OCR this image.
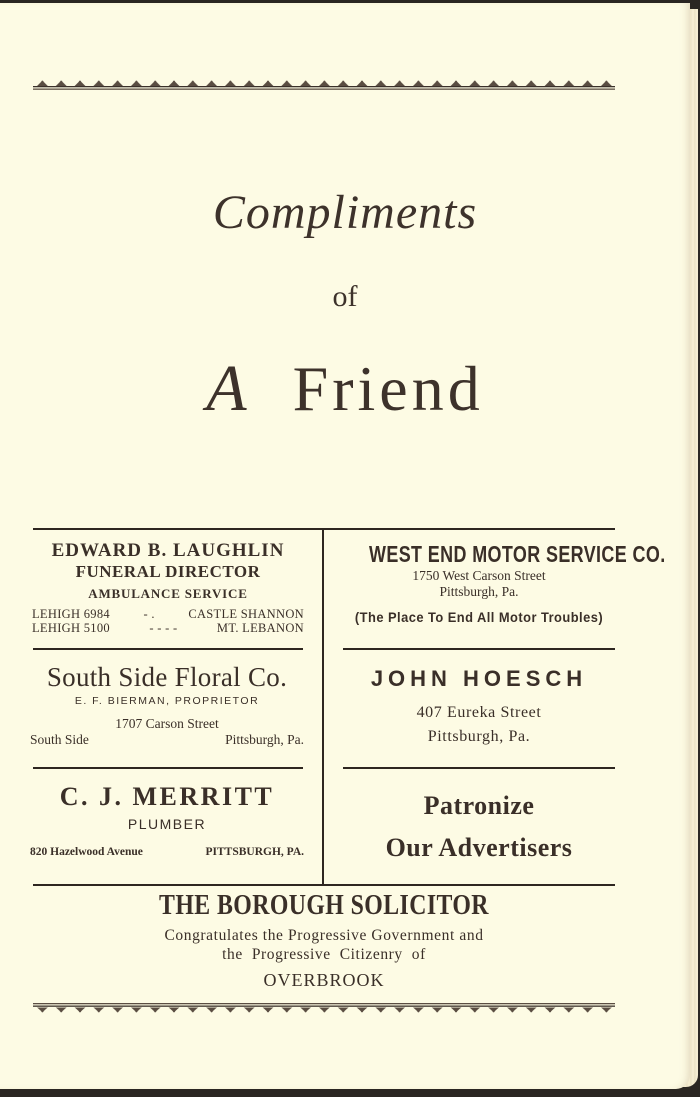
Compliments
of
A Friend
EDWARD B. LAUGHLIN
FUNERAL DIRECTOR
AMBULANCE SERVICE
LEHIGH 6984	- .	CASTLE SHANNON
LEHIGH 5100	- - - -	MT. LEBANON
WEST END MOTOR SERVICE CO.
1750 West Carson Street
Pittsburgh, Pa.
(The Place To End All Motor Troubles)
South Side Floral Co.
E. F. BIERMAN, PROPRIETOR
1707 Carson Street
South Side	Pittsburgh, Pa.
JOHN HOESCH
407 Eureka Street
Pittsburgh, Pa.
C. J. MERRITT
PLUMBER
820 Hazelwood Avenue	PITTSBURGH, PA.
Patronize
Our Advertisers
THE BOROUGH SOLICITOR
Congratulates the Progressive Government and
the  Progressive  Citizenry  of
OVERBROOK
